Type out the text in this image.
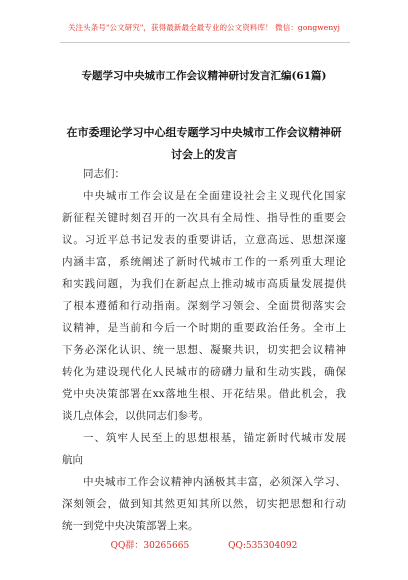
关注头条号"公文研究"，获得最新最全最专业的公文资料库！ 微信：gongwenyj
专题学习中央城市工作会议精神研讨发言汇编(61篇)
在市委理论学习中心组专题学习中央城市工作会议精神研
讨会上的发言
同志们：
中央城市工作会议是在全面建设社会主义现代化国家
新征程关键时刻召开的一次具有全局性、指导性的重要会
议。习近平总书记发表的重要讲话，立意高远、思想深邃
内涵丰富，系统阐述了新时代城市工作的一系列重大理论
和实践问题，为我们在新起点上推动城市高质量发展提供
了根本遵循和行动指南。深刻学习领会、全面贯彻落实会
议精神，是当前和今后一个时期的重要政治任务。全市上
下务必深化认识、统一思想、凝聚共识，切实把会议精神
转化为建设现代化人民城市的磅礴力量和生动实践，确保
党中央决策部署在xx落地生根、开花结果。借此机会，我
谈几点体会，以供同志们参考。
一、筑牢人民至上的思想根基，锚定新时代城市发展
航向
中央城市工作会议精神内涵极其丰富，必须深入学习、
深刻领会，做到知其然更知其所以然，切实把思想和行动
统一到党中央决策部署上来。
QQ群：30265665	QQ:535304092
